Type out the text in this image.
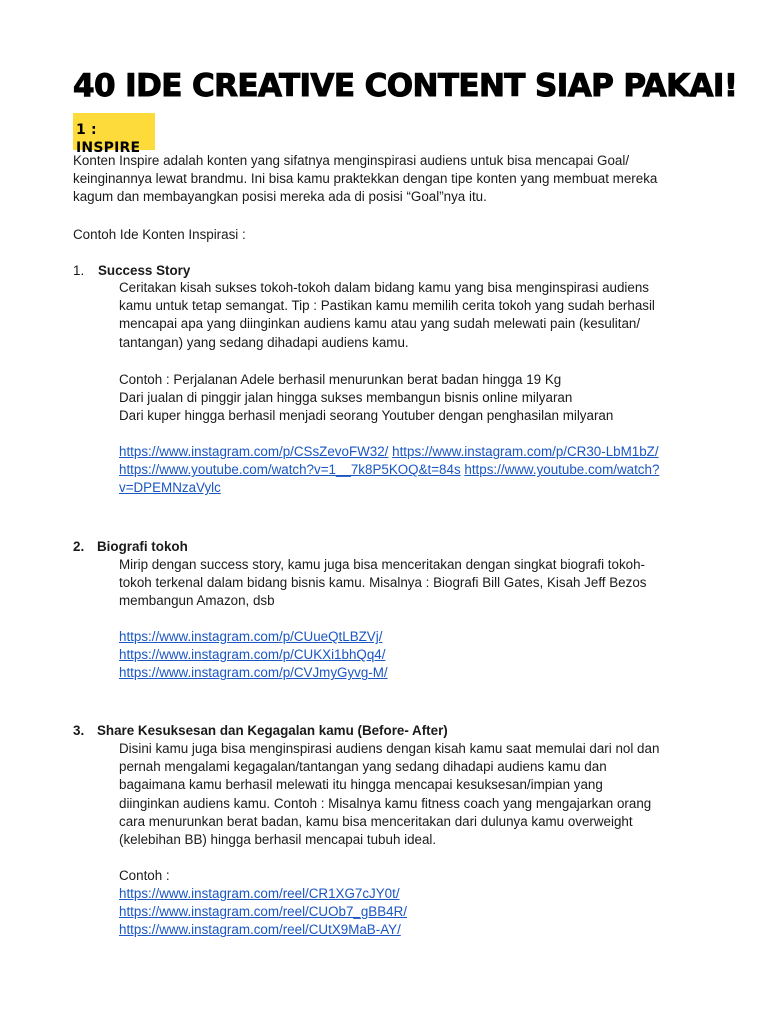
40 IDE CREATIVE CONTENT SIAP PAKAI!
1 : INSPIRE
Konten Inspire adalah konten yang sifatnya menginspirasi audiens untuk bisa mencapai Goal/
keinginannya lewat brandmu. Ini bisa kamu praktekkan dengan tipe konten yang membuat mereka
kagum dan membayangkan posisi mereka ada di posisi “Goal”nya itu.
Contoh Ide Konten Inspirasi :
1. Success Story
Ceritakan kisah sukses tokoh-tokoh dalam bidang kamu yang bisa menginspirasi audiens
kamu untuk tetap semangat. Tip : Pastikan kamu memilih cerita tokoh yang sudah berhasil
mencapai apa yang diinginkan audiens kamu atau yang sudah melewati pain (kesulitan/
tantangan) yang sedang dihadapi audiens kamu.
Contoh : Perjalanan Adele berhasil menurunkan berat badan hingga 19 Kg
Dari jualan di pinggir jalan hingga sukses membangun bisnis online milyaran
Dari kuper hingga berhasil menjadi seorang Youtuber dengan penghasilan milyaran
https://www.instagram.com/p/CSsZevoFW32/ https://www.instagram.com/p/CR30-LbM1bZ/
https://www.youtube.com/watch?v=1__7k8P5KOQ&t=84s https://www.youtube.com/watch?
v=DPEMNzaVylc
2. Biografi tokoh
Mirip dengan success story, kamu juga bisa menceritakan dengan singkat biografi tokoh-
tokoh terkenal dalam bidang bisnis kamu. Misalnya : Biografi Bill Gates, Kisah Jeff Bezos
membangun Amazon, dsb
https://www.instagram.com/p/CUueQtLBZVj/
https://www.instagram.com/p/CUKXi1bhQq4/
https://www.instagram.com/p/CVJmyGyvg-M/
3. Share Kesuksesan dan Kegagalan kamu (Before- After)
Disini kamu juga bisa menginspirasi audiens dengan kisah kamu saat memulai dari nol dan
pernah mengalami kegagalan/tantangan yang sedang dihadapi audiens kamu dan
bagaimana kamu berhasil melewati itu hingga mencapai kesuksesan/impian yang
diinginkan audiens kamu. Contoh : Misalnya kamu fitness coach yang mengajarkan orang
cara menurunkan berat badan, kamu bisa menceritakan dari dulunya kamu overweight
(kelebihan BB) hingga berhasil mencapai tubuh ideal.
Contoh :
https://www.instagram.com/reel/CR1XG7cJY0t/
https://www.instagram.com/reel/CUOb7_gBB4R/
https://www.instagram.com/reel/CUtX9MaB-AY/
